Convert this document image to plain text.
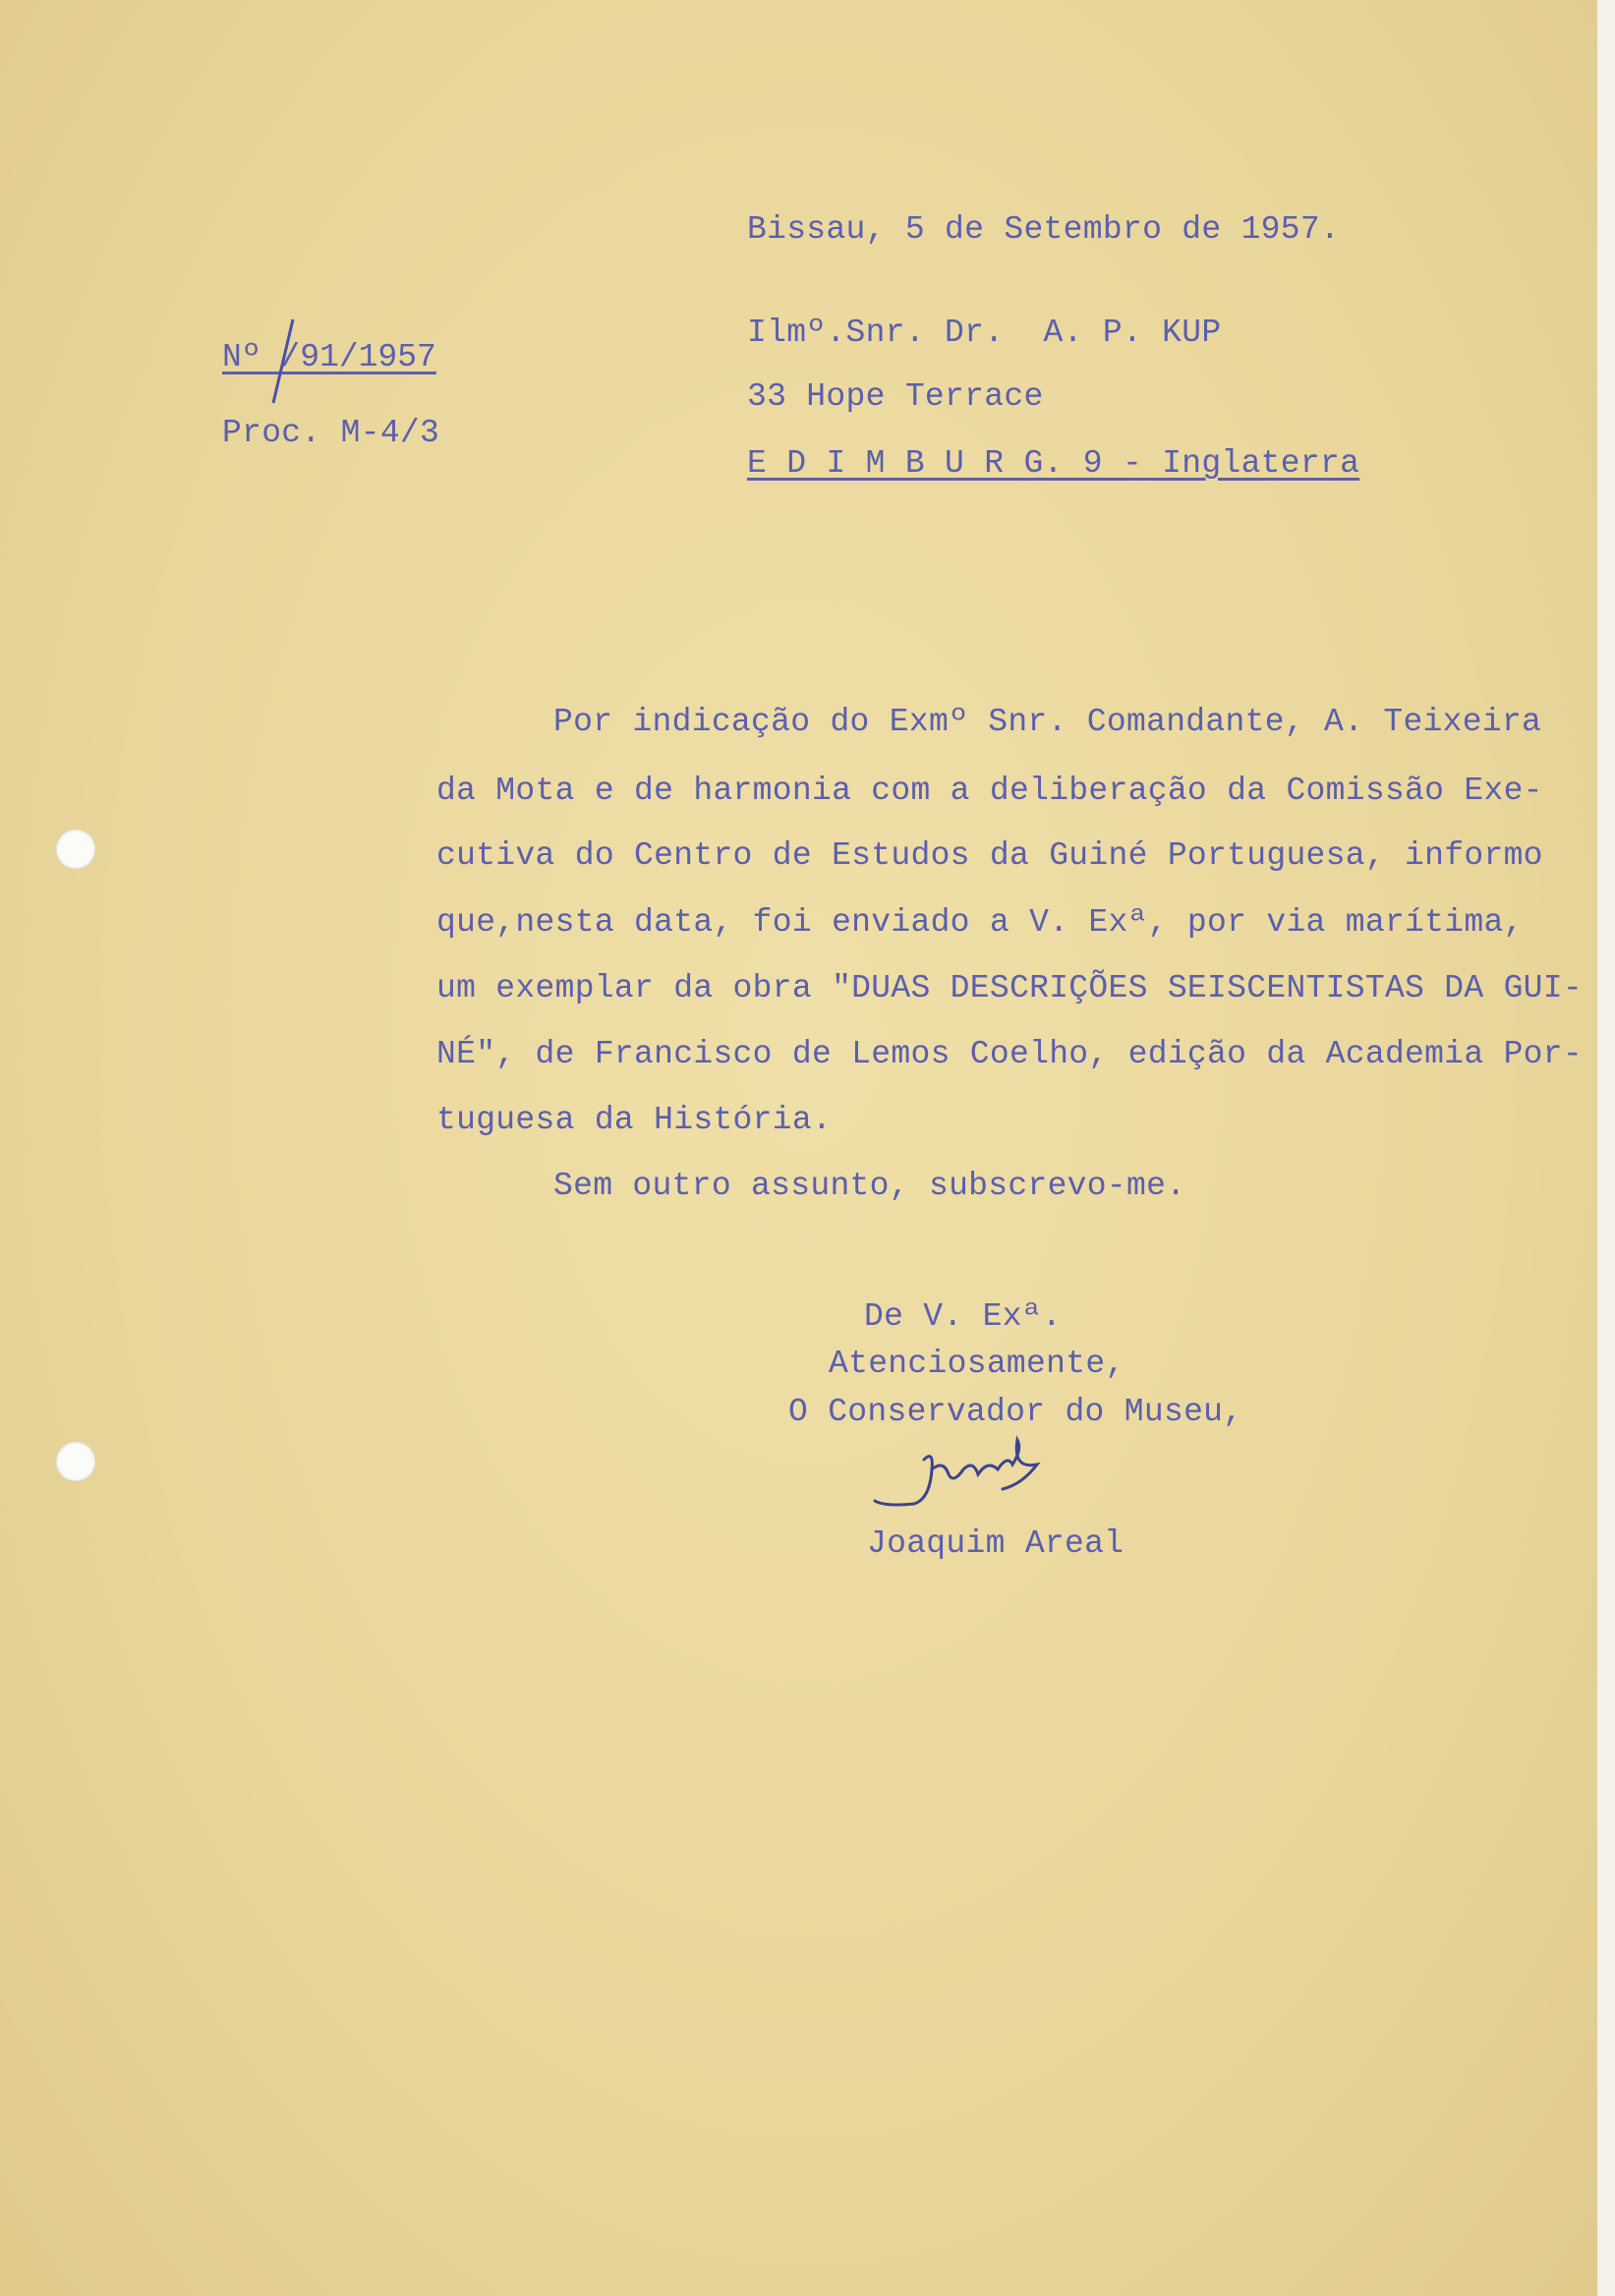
Bissau, 5 de Setembro de 1957.
Nº /91/1957
Proc. M-4/3
Ilmº.Snr. Dr.  A. P. KUP
33 Hope Terrace
E D I M B U R G. 9 - Inglaterra
Por indicação do Exmº Snr. Comandante, A. Teixeira
da Mota e de harmonia com a deliberação da Comissão Exe-
cutiva do Centro de Estudos da Guiné Portuguesa, informo
que,nesta data, foi enviado a V. Exª, por via marítima,
um exemplar da obra "DUAS DESCRIÇÕES SEISCENTISTAS DA GUI-
NÉ", de Francisco de Lemos Coelho, edição da Academia Por-
tuguesa da História.
Sem outro assunto, subscrevo-me.
De V. Exª.
Atenciosamente,
O Conservador do Museu,
Joaquim Areal
